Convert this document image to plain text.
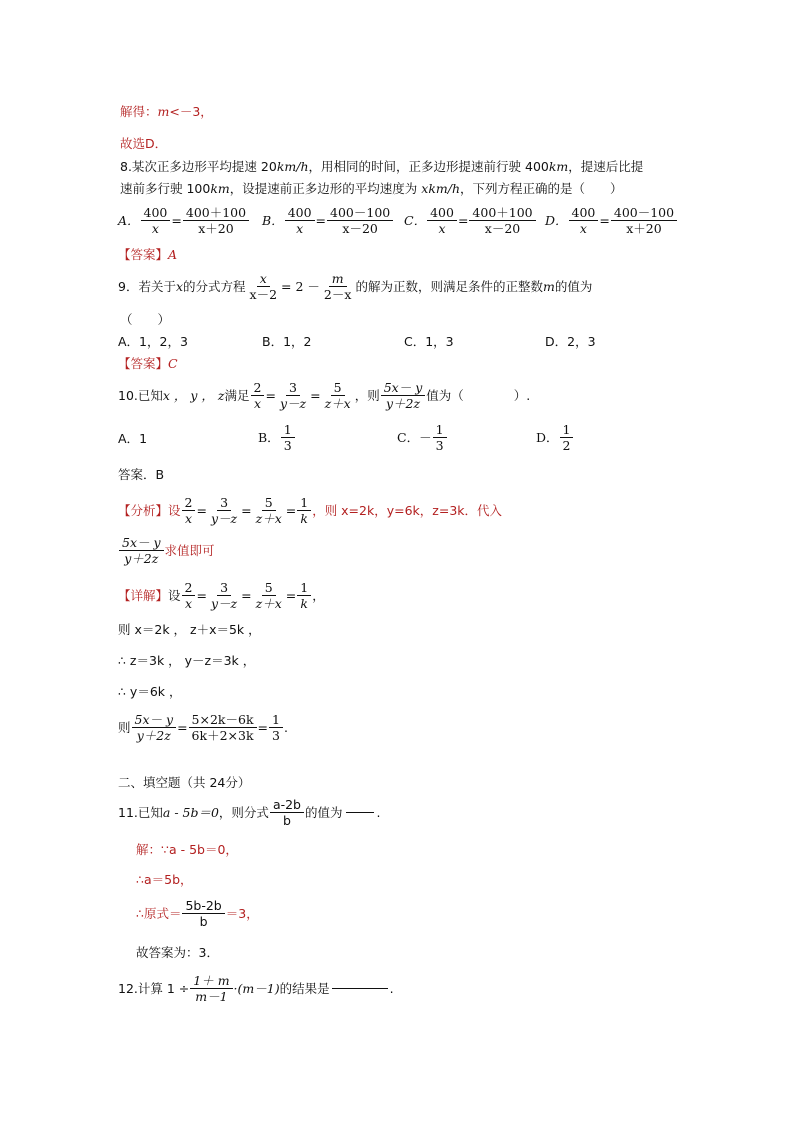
解得：m<－3，
故选D．
8.某次正多边形平均提速 20km/h，用相同的时间，正多边形提速前行驶 400km，提速后比提
速前多行驶 100km，设提速前正多边形的平均速度为 xkm/h，下列方程正确的是（　　）
A． $\frac{400}{x} = \frac{400+100}{x+20}$ B． $\frac{400}{x} = \frac{400-100}{x-20}$ C． $\frac{400}{x} = \frac{400+100}{x-20}$ D． $\frac{400}{x} = \frac{400-100}{x+20}$
【答案】A
9．若关于 x 的分式方程 $\frac{x}{x-2} = 2 - \frac{m}{2-x}$ 的解为正数，则满足条件的正整数 m 的值为
（　　）
A．1，2，3	B．1，2	C．1，3	D．2，3
【答案】C
10.已知 x ， y ， z 满足 $\frac{2}{x} = \frac{3}{y-z} = \frac{5}{z+x}$ ，则 $\frac{5x- y}{y+2z}$ 值为（　　　　）.
A．1	B． $\frac{1}{3}$	C．－ $\frac{1}{3}$	D． $\frac{1}{2}$
答案．B
【分析】 设 $\frac{2}{x} = \frac{3}{y-z} = \frac{5}{z+x} = \frac{1}{k}$ ，则 x=2k，y=6k，z=3k．代入
$\frac{5x- y}{y+2z}$ 求值即可
【详解】 设 $\frac{2}{x} = \frac{3}{y-z} = \frac{5}{z+x} = \frac{1}{k}$ ，
则 x＝2k ， z＋x＝5k ，
∴ z＝3k ， y－z＝3k ，
∴ y＝6k ，
则 $\frac{5x- y}{y+2z} = \frac{5\times 2k-6k}{6k+2\times 3k} = \frac{1}{3}$ .
二、填空题（共 24分）
11.已知 a - 5b＝0 ，则分式 $\frac{a-2b}{b}$ 的值为	.
解：∵a - 5b＝0，
∴a＝5b，
∴原式＝ $\frac{5b-2b}{b} =3$，
故答案为：3．
12.计算 $1 \div \frac{1+ m}{m-1} \cdot(m-1)$ 的结果是	.
